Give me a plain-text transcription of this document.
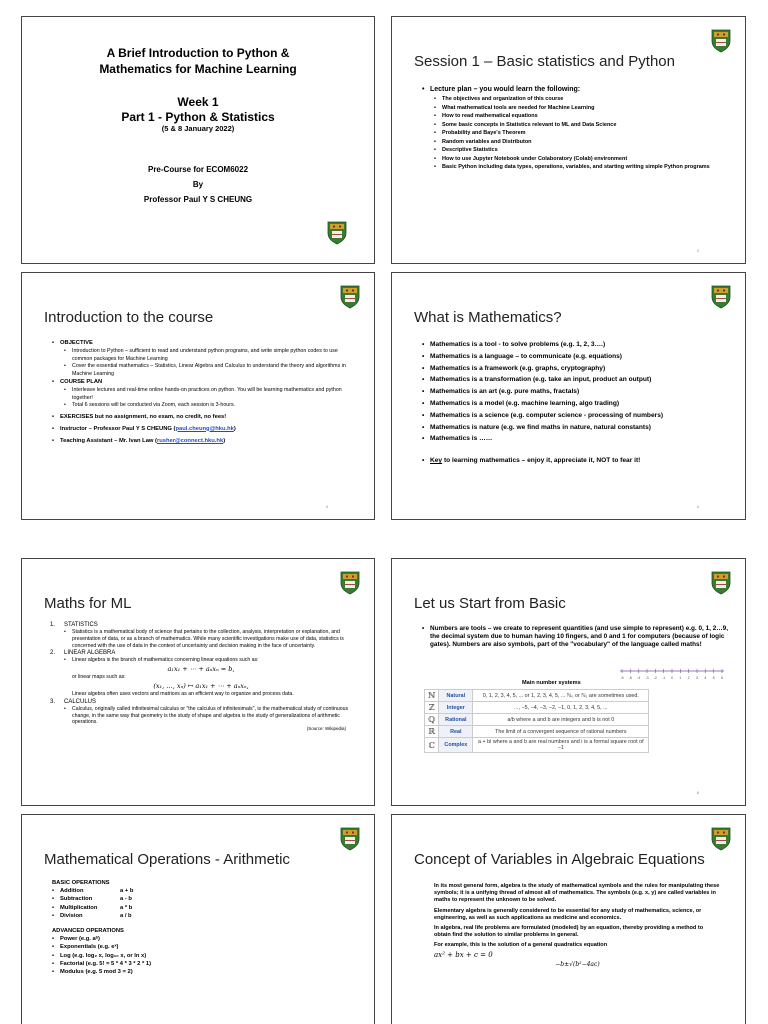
A Brief Introduction to Python &
Mathematics for Machine Learning
Week 1
Part 1 - Python & Statistics
(5 & 8 January 2022)
Pre-Course for ECOM6022
By
Professor Paul Y S CHEUNG
Session 1 – Basic statistics and Python
• Lecture plan – you would learn the following:
• The objectives and organization of this course
• What mathematical tools are needed for Machine Learning
• How to read mathematical equations
• Some basic concepts in Statistics relevant to ML and Data Science
• Probability and Baye's Theorem
• Random variables and Distributon
• Descriptive Statistics
• How to use Jupyter Notebook under Colaboratory (Colab) environment
• Basic Python including data types, operations, variables, and starting writing simple Python programs
2
Introduction to the course
• OBJECTIVE
• Introduction to Python – sufficient to read and understand python programs, and write simple python codes to use common packages for Machine Learning
• Cover the essential mathematics – Statistics, Linear Algebra and Calculus to understand the theory and algorithms in Machine Learning
• COURSE PLAN
• Interleave lectures and real-time online hands-on practices on python. You will be learning mathematics and python together!
• Total 6 sessions will be conducted via Zoom, each session is 3-hours.
• EXERCISES but no assignment, no exam, no credit, no fees!
• Instructor – Professor Paul Y S CHEUNG (paul.cheung@hku.hk)
• Teaching Assistant – Mr. Ivan Law (rusher@connect.hku.hk)
3
What is Mathematics?
• Mathematics is a tool - to solve problems (e.g. 1, 2, 3….)
• Mathematics is a language – to communicate (e.g. equations)
• Mathematics is a framework (e.g. graphs, cryptography)
• Mathematics is a transformation (e.g. take an input, product an output)
• Mathematics is an art (e.g. pure maths, fractals)
• Mathematics is a model (e.g. machine learning, algo trading)
• Mathematics is a science (e.g. computer science - processing of numbers)
• Mathematics is nature (e.g. we find maths in nature, natural constants)
• Mathematics is ……
• Key to learning mathematics – enjoy it, appreciate it, NOT to fear it!
4
Maths for ML
1. STATISTICS
• Statistics is a mathematical body of science that pertains to the collection, analysis, interpretation or explanation, and presentation of data, or as a branch of mathematics. While many scientific investigations make use of data, statistics is concerned with the use of data in the context of uncertainty and decision making in the face of uncertainty.
2. LINEAR ALGEBRA
• Linear algebra is the branch of mathematics concerning linear equations such as:
a₁x₁ + ⋯ + aₙxₙ = b,
or linear maps such as:
(x₁, …, xₙ) ↦ a₁x₁ + ⋯ + aₙxₙ,
Linear algebra often uses vectors and matrices as an efficient way to organize and process data.
3. CALCULUS
• Calculus, originally called infinitesimal calculus or "the calculus of infinitesimals", is the mathematical study of continuous change, in the same way that geometry is the study of shape and algebra is the study of generalizations of arithmetic operations.
(Source: Wikipedia)
Let us Start from Basic
• Numbers are tools – we create to represent quantities (and use simple to represent) e.g. 0, 1, 2…9, the decimal system due to human having 10 fingers, and 0 and 1 for computers (because of logic gates). Numbers are also symbols, part of the "vocabulary" of the language called maths!
-6 -5 -4 -3 -2 -1 0 1 2 3 4 5 6
Main number systems
ℕ	Natural	0, 1, 2, 3, 4, 5, ... or 1, 2, 3, 4, 5, ... ℕ₀ or ℕ₁ are sometimes used.
ℤ	Integer	..., −5, −4, −3, −2, −1, 0, 1, 2, 3, 4, 5, ...
ℚ	Rational	a/b where a and b are integers and b is not 0
ℝ	Real	The limit of a convergent sequence of rational numbers
ℂ	Complex	a + bi where a and b are real numbers and i is a formal square root of −1
6
Mathematical Operations - Arithmetic
BASIC OPERATIONS
• Addition	a + b
• Subtraction	a - b
• Multiplication	a * b
• Division	a / b
ADVANCED OPERATIONS
• Power (e.g. aᵇ)
• Exponentials (e.g. eˣ)
• Log (e.g. log₂ x, log₁₀ x, or ln x)
• Factorial (e.g. 5! = 5 * 4 * 3 * 2 * 1)
• Modulus (e.g. 5 mod 3 = 2)
Concept of Variables in Algebraic Equations
In its most general form, algebra is the study of mathematical symbols and the rules for manipulating these symbols; it is a unifying thread of almost all of mathematics. The symbols (e.g. x, y) are called variables in maths to represent the unknown to be solved.
Elementary algebra is generally considered to be essential for any study of mathematics, science, or engineering, as well as such applications as medicine and economics.
In algebra, real life problems are formulated (modeled) by an equation, thereby providing a method to obtain find the solution to similar problems in general.
For example, this is the solution of a general quadratics equation
ax² + bx + c = 0
−b±√(b²−4ac)
